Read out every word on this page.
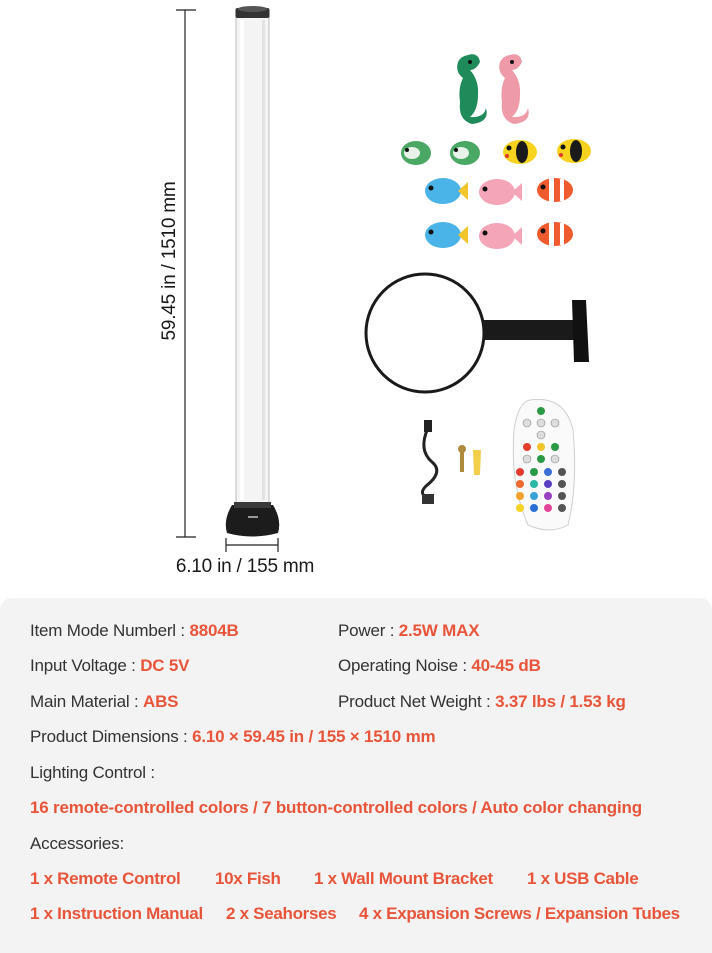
59.45 in / 1510 mm
6.10 in / 155 mm
Item Mode Numberl : 8804B	Power : 2.5W MAX
Input Voltage : DC 5V	Operating Noise : 40-45 dB
Main Material : ABS	Product Net Weight : 3.37 lbs / 1.53 kg
Product Dimensions : 6.10 × 59.45 in / 155 × 1510 mm
Lighting Control :
16 remote-controlled colors / 7 button-controlled colors / Auto color changing
Accessories:
1 x Remote Control 10x Fish 1 x Wall Mount Bracket 1 x USB Cable
1 x Instruction Manual 2 x Seahorses 4 x Expansion Screws / Expansion Tubes
